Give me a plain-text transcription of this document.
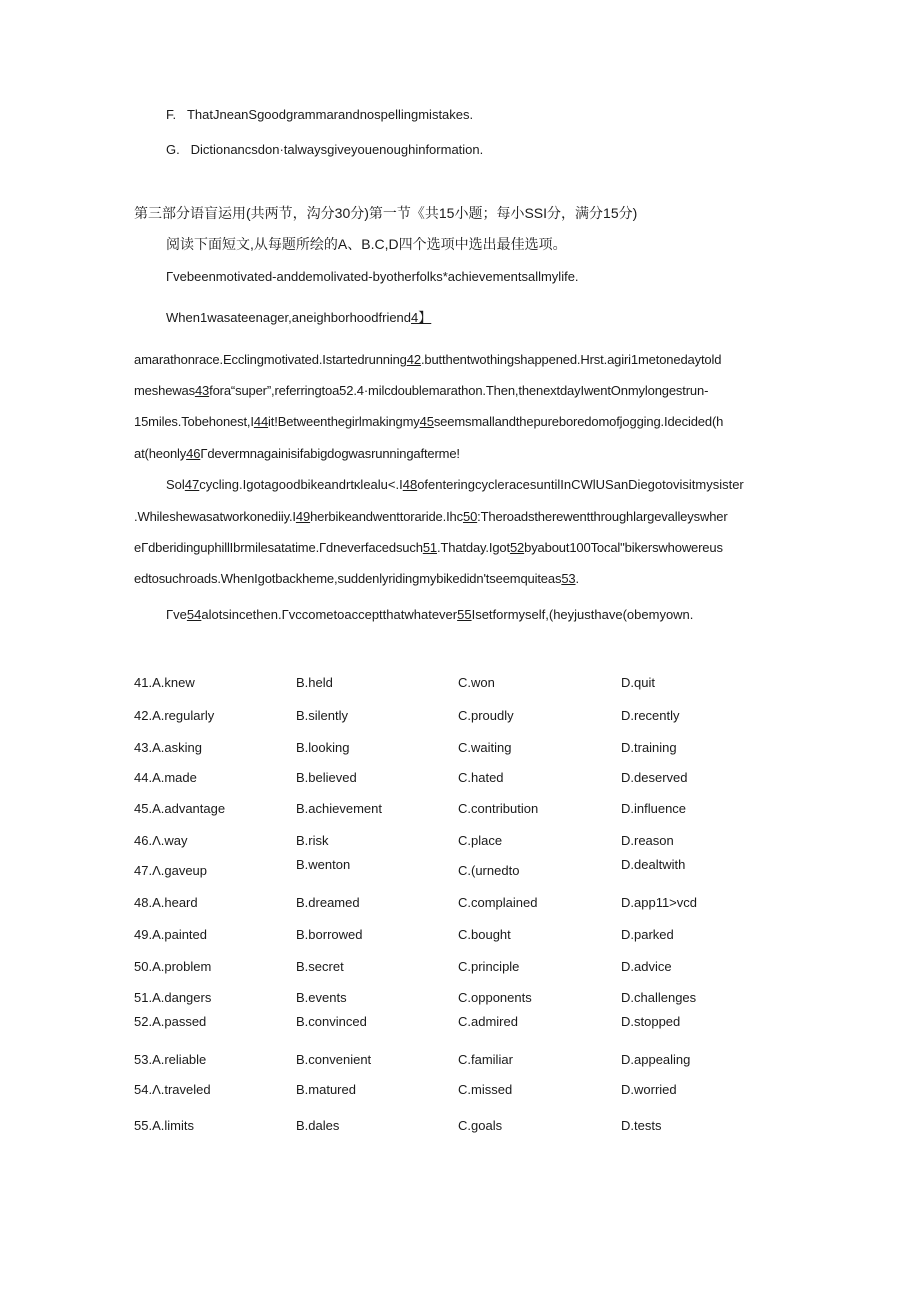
F. ThatJneanSgoodgrammarandnospellingmistakes.
G. Dictionancsdon·talwaysgiveyouenoughinformation.
第三部分语盲运用(共两节，沟分30分)第一节《共15小题；每小SSI分，满分15分)
阅读下面短文,从每题所绘的A、B.C,D四个选项中选出最佳选项。
Γvebeenmotivated-anddemolivated-byotherfolks*achievementsallmylife.
When1wasateenager,aneighborhoodfriend4】
amarathonrace.Ecclingmotivated.Istartedrunning42.butthentwothingshappened.Hrst.agiri1metonedaytold
meshewas43fora“super”,referringtoa52.4·milcdoublemarathon.Then,thenextdayIwentOnmylongestrun-
15miles.Tobehonest,I44it!Betweenthegirlmakingmy45seemsmallandthepureboredomofjogging.Idecided(h
at(heonly46Γdevermnagainisifabigdogwasrunningafterme!
Sol47cycling.Igotagoodbikeandrtκlealu<.I48ofenteringcycleracesuntilInCWlUSanDiegotovisitmysister
.Whileshewasatworkonediiy.I49herbikeandwenttoraride.Ihc50:Theroadstherewentthroughlargevalleyswher
eΓdberidinguphillIbrmilesatatime.Γdneverfacedsuch51.Thatday.Igot52byabout100Tocal"bikerswhowereus
edtosuchroads.WhenIgotbackheme,suddenlyridingmybikedidn'tseemquiteas53.
Γve54alotsincethen.Γvccometoacceptthatwhatever55Isetformyself,(heyjusthave(obemyown.
41.A.knew	B.held	C.won	D.quit
42.A.regularly	B.silently	C.proudly	D.recently
43.A.asking	B.looking	C.waiting	D.training
44.A.made	B.believed	C.hated	D.deserved
45.A.advantage	B.achievement	C.contribution	D.influence
46.Λ.way	B.risk	C.place	D.reason
47.Λ.gaveup	B.wenton	C.(urnedto	D.dealtwith
48.A.heard	B.dreamed	C.complained	D.app11>vcd
49.A.painted	B.borrowed	C.bought	D.parked
50.A.problem	B.secret	C.principle	D.advice
51.A.dangers	B.events	C.opponents	D.challenges
52.A.passed	B.convinced	C.admired	D.stopped
53.A.reliable	B.convenient	C.familiar	D.appealing
54.Λ.traveled	B.matured	C.missed	D.worried
55.A.limits	B.dales	C.goals	D.tests
